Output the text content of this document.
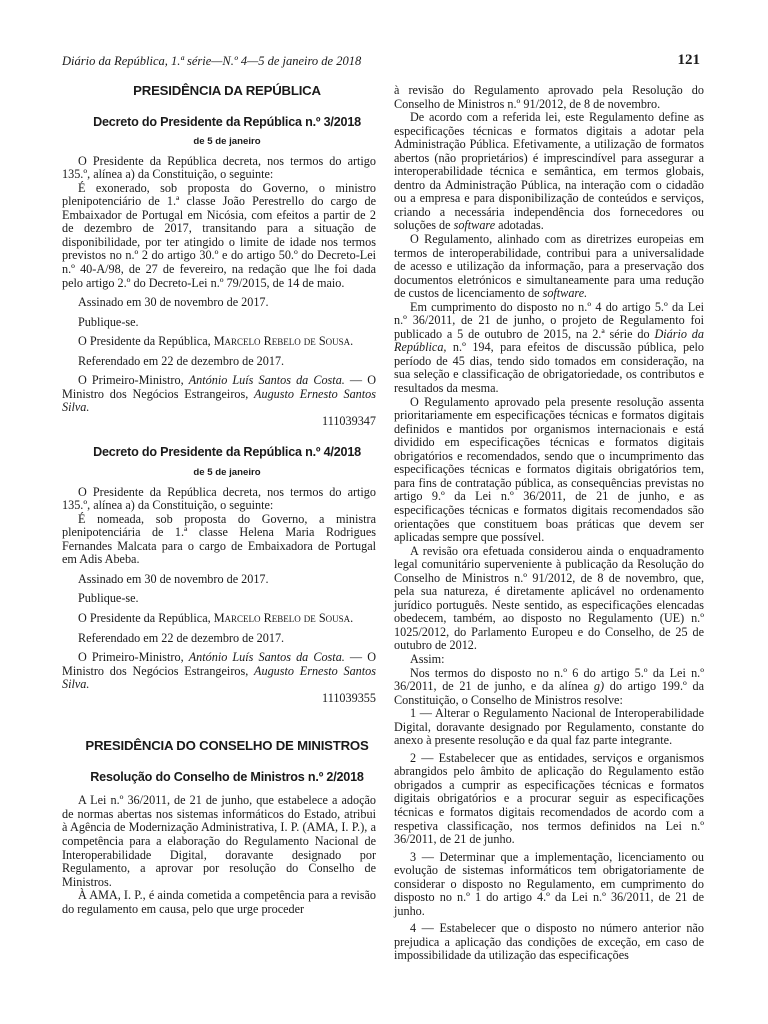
Diário da República, 1.ª série—N.º 4—5 de janeiro de 2018	121

PRESIDÊNCIA DA REPÚBLICA

Decreto do Presidente da República n.º 3/2018

de 5 de janeiro

O Presidente da República decreta, nos termos do artigo 135.º, alínea a) da Constituição, o seguinte:

É exonerado, sob proposta do Governo, o ministro plenipotenciário de 1.ª classe João Perestrello do cargo de Embaixador de Portugal em Nicósia, com efeitos a partir de 2 de dezembro de 2017, transitando para a situação de disponibilidade, por ter atingido o limite de idade nos termos previstos no n.º 2 do artigo 30.º e do artigo 50.º do Decreto-Lei n.º 40-A/98, de 27 de fevereiro, na redação que lhe foi dada pelo artigo 2.º do Decreto-Lei n.º 79/2015, de 14 de maio.

Assinado em 30 de novembro de 2017.

Publique-se.

O Presidente da República, Marcelo Rebelo de Sousa.

Referendado em 22 de dezembro de 2017.

O Primeiro-Ministro, António Luís Santos da Costa. — O Ministro dos Negócios Estrangeiros, Augusto Ernesto Santos Silva.

111039347

Decreto do Presidente da República n.º 4/2018

de 5 de janeiro

O Presidente da República decreta, nos termos do artigo 135.º, alínea a) da Constituição, o seguinte:

É nomeada, sob proposta do Governo, a ministra plenipotenciária de 1.ª classe Helena Maria Rodrigues Fernandes Malcata para o cargo de Embaixadora de Portugal em Adis Abeba.

Assinado em 30 de novembro de 2017.

Publique-se.

O Presidente da República, Marcelo Rebelo de Sousa.

Referendado em 22 de dezembro de 2017.

O Primeiro-Ministro, António Luís Santos da Costa. — O Ministro dos Negócios Estrangeiros, Augusto Ernesto Santos Silva.

111039355

PRESIDÊNCIA DO CONSELHO DE MINISTROS

Resolução do Conselho de Ministros n.º 2/2018

A Lei n.º 36/2011, de 21 de junho, que estabelece a adoção de normas abertas nos sistemas informáticos do Estado, atribui à Agência de Modernização Administrativa, I. P. (AMA, I. P.), a competência para a elaboração do Regulamento Nacional de Interoperabilidade Digital, doravante designado por Regulamento, a aprovar por resolução do Conselho de Ministros.

À AMA, I. P., é ainda cometida a competência para a revisão do regulamento em causa, pelo que urge proceder

à revisão do Regulamento aprovado pela Resolução do Conselho de Ministros n.º 91/2012, de 8 de novembro.

De acordo com a referida lei, este Regulamento define as especificações técnicas e formatos digitais a adotar pela Administração Pública. Efetivamente, a utilização de formatos abertos (não proprietários) é imprescindível para assegurar a interoperabilidade técnica e semântica, em termos globais, dentro da Administração Pública, na interação com o cidadão ou a empresa e para disponibilização de conteúdos e serviços, criando a necessária independência dos fornecedores ou soluções de software adotadas.

O Regulamento, alinhado com as diretrizes europeias em termos de interoperabilidade, contribui para a universalidade de acesso e utilização da informação, para a preservação dos documentos eletrónicos e simultaneamente para uma redução de custos de licenciamento de software.

Em cumprimento do disposto no n.º 4 do artigo 5.º da Lei n.º 36/2011, de 21 de junho, o projeto de Regulamento foi publicado a 5 de outubro de 2015, na 2.ª série do Diário da República, n.º 194, para efeitos de discussão pública, pelo período de 45 dias, tendo sido tomados em consideração, na sua seleção e classificação de obrigatoriedade, os contributos e resultados da mesma.

O Regulamento aprovado pela presente resolução assenta prioritariamente em especificações técnicas e formatos digitais definidos e mantidos por organismos internacionais e está dividido em especificações técnicas e formatos digitais obrigatórios e recomendados, sendo que o incumprimento das especificações técnicas e formatos digitais obrigatórios tem, para fins de contratação pública, as consequências previstas no artigo 9.º da Lei n.º 36/2011, de 21 de junho, e as especificações técnicas e formatos digitais recomendados são orientações que constituem boas práticas que devem ser aplicadas sempre que possível.

A revisão ora efetuada considerou ainda o enquadramento legal comunitário superveniente à publicação da Resolução do Conselho de Ministros n.º 91/2012, de 8 de novembro, que, pela sua natureza, é diretamente aplicável no ordenamento jurídico português. Neste sentido, as especificações elencadas obedecem, também, ao disposto no Regulamento (UE) n.º 1025/2012, do Parlamento Europeu e do Conselho, de 25 de outubro de 2012.

Assim:

Nos termos do disposto no n.º 6 do artigo 5.º da Lei n.º 36/2011, de 21 de junho, e da alínea g) do artigo 199.º da Constituição, o Conselho de Ministros resolve:

1 — Alterar o Regulamento Nacional de Interoperabilidade Digital, doravante designado por Regulamento, constante do anexo à presente resolução e da qual faz parte integrante.

2 — Estabelecer que as entidades, serviços e organismos abrangidos pelo âmbito de aplicação do Regulamento estão obrigados a cumprir as especificações técnicas e formatos digitais obrigatórios e a procurar seguir as especificações técnicas e formatos digitais recomendados de acordo com a respetiva classificação, nos termos definidos na Lei n.º 36/2011, de 21 de junho.

3 — Determinar que a implementação, licenciamento ou evolução de sistemas informáticos tem obrigatoriamente de considerar o disposto no Regulamento, em cumprimento do disposto no n.º 1 do artigo 4.º da Lei n.º 36/2011, de 21 de junho.

4 — Estabelecer que o disposto no número anterior não prejudica a aplicação das condições de exceção, em caso de impossibilidade da utilização das especificações
